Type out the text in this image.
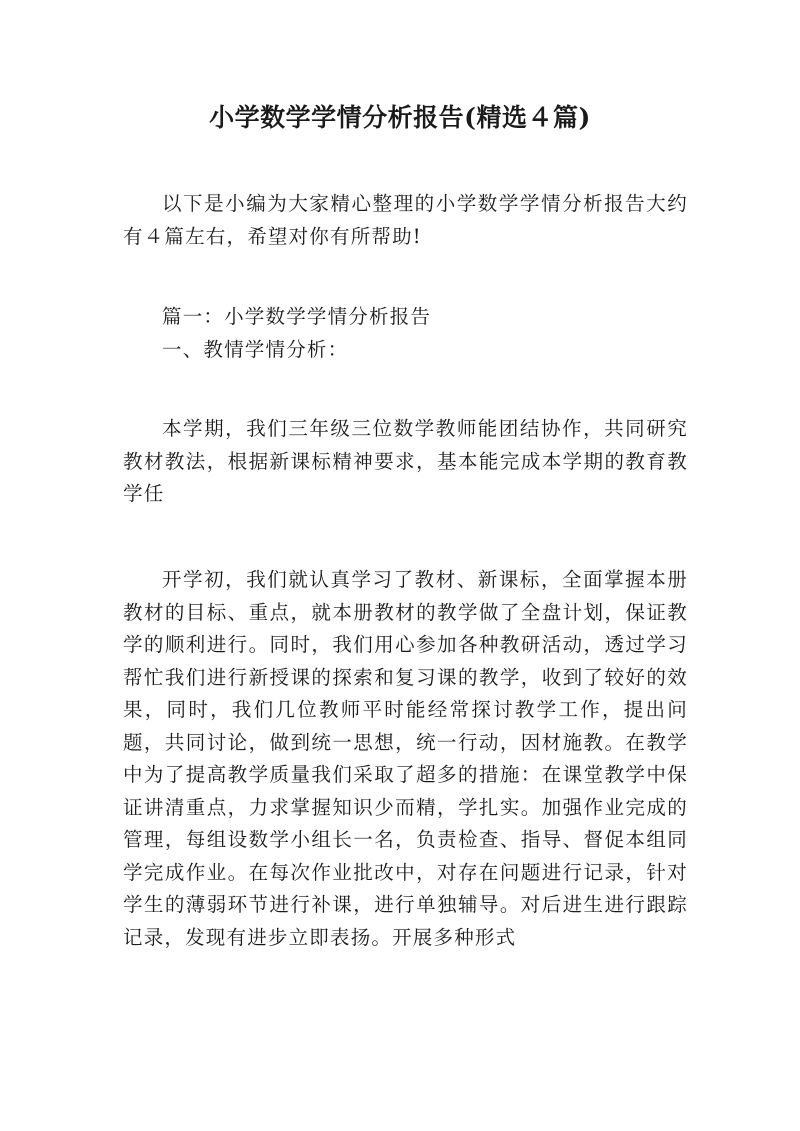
小学数学学情分析报告(精选４篇)
以下是小编为大家精心整理的小学数学学情分析报告大约有４篇左右，希望对你有所帮助!
篇一：小学数学学情分析报告
一、教情学情分析：
本学期，我们三年级三位数学教师能团结协作，共同研究教材教法，根据新课标精神要求，基本能完成本学期的教育教学任
开学初，我们就认真学习了教材、新课标，全面掌握本册教材的目标、重点，就本册教材的教学做了全盘计划，保证教学的顺利进行。同时，我们用心参加各种教研活动，透过学习帮忙我们进行新授课的探索和复习课的教学，收到了较好的效果，同时，我们几位教师平时能经常探讨教学工作，提出问题，共同讨论，做到统一思想，统一行动，因材施教。在教学中为了提高教学质量我们采取了超多的措施：在课堂教学中保证讲清重点，力求掌握知识少而精，学扎实。加强作业完成的管理，每组设数学小组长一名，负责检查、指导、督促本组同学完成作业。在每次作业批改中，对存在问题进行记录，针对学生的薄弱环节进行补课，进行单独辅导。对后进生进行跟踪记录，发现有进步立即表扬。开展多种形式
